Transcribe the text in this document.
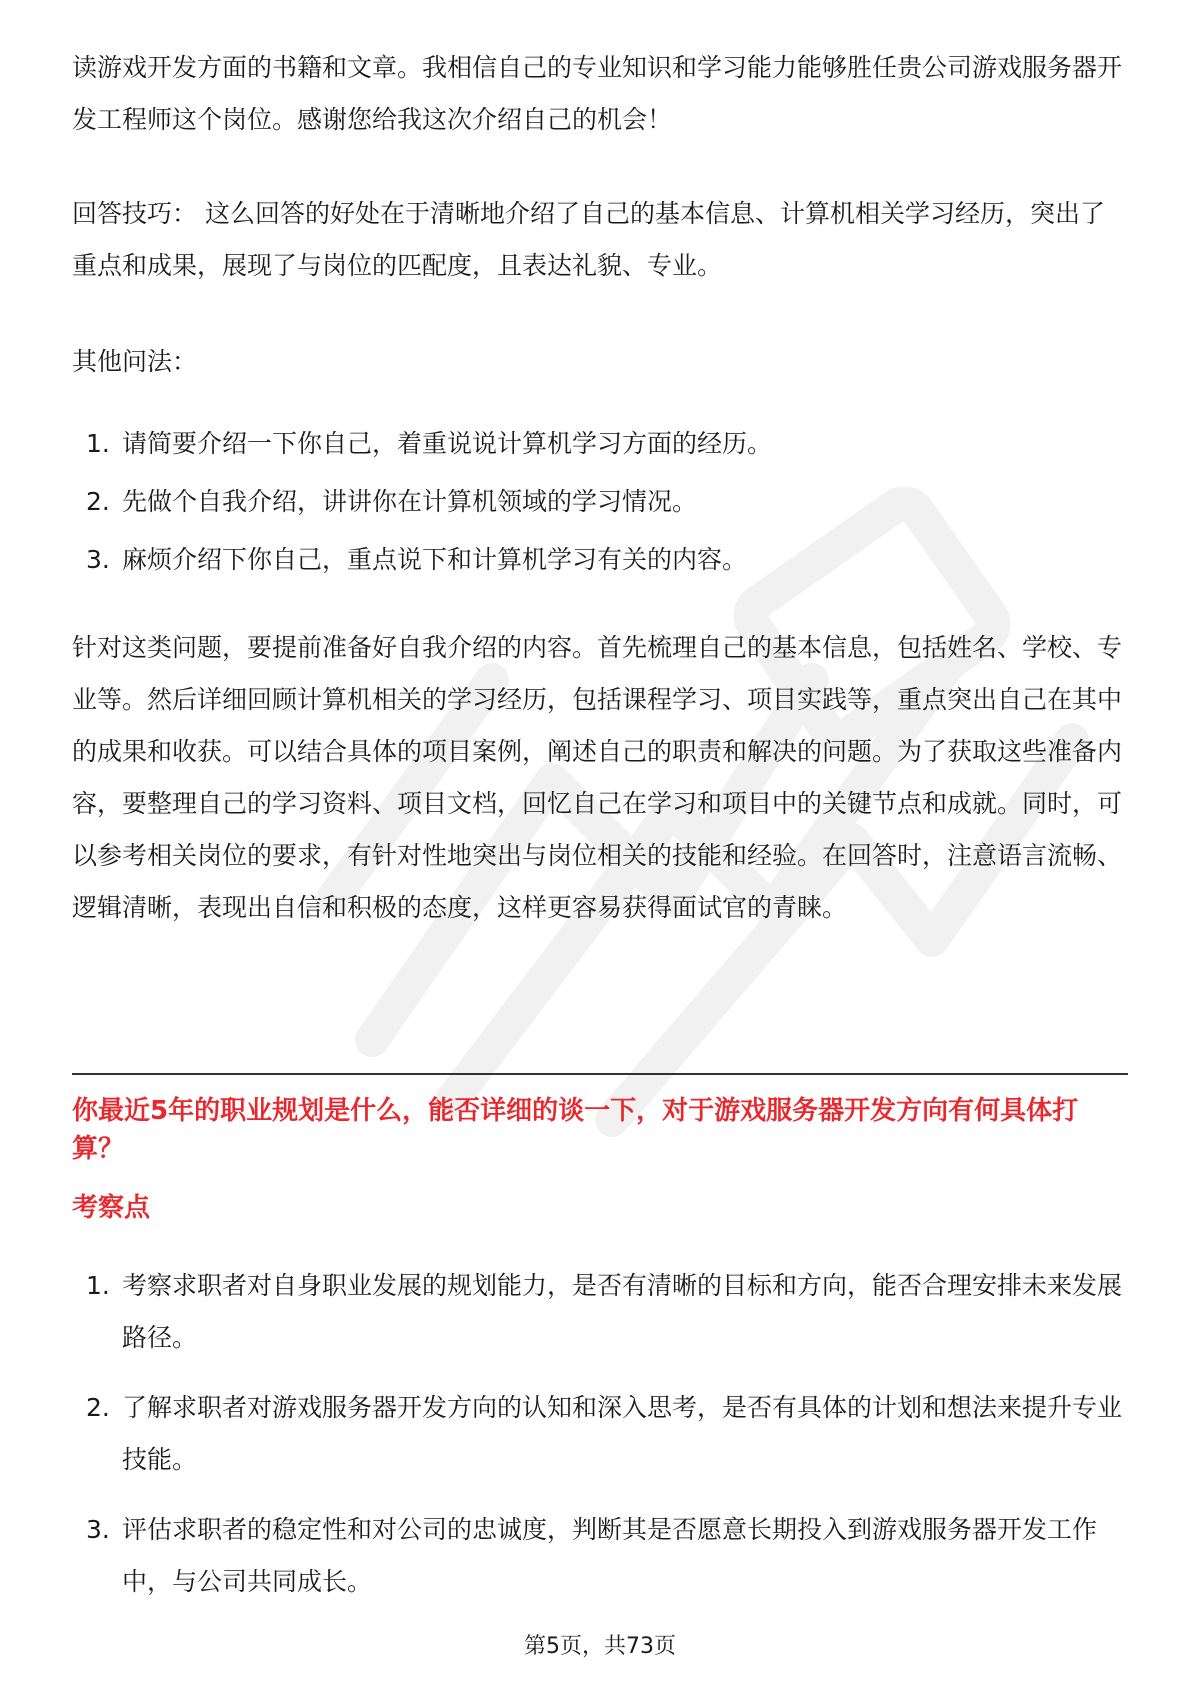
读游戏开发方面的书籍和文章。我相信自己的专业知识和学习能力能够胜任贵公司游戏服务器开发工程师这个岗位。感谢您给我这次介绍自己的机会！

回答技巧： 这么回答的好处在于清晰地介绍了自己的基本信息、计算机相关学习经历，突出了重点和成果，展现了与岗位的匹配度，且表达礼貌、专业。

其他问法：

1. 请简要介绍一下你自己，着重说说计算机学习方面的经历。
2. 先做个自我介绍，讲讲你在计算机领域的学习情况。
3. 麻烦介绍下你自己，重点说下和计算机学习有关的内容。

针对这类问题，要提前准备好自我介绍的内容。首先梳理自己的基本信息，包括姓名、学校、专业等。然后详细回顾计算机相关的学习经历，包括课程学习、项目实践等，重点突出自己在其中的成果和收获。可以结合具体的项目案例，阐述自己的职责和解决的问题。为了获取这些准备内容，要整理自己的学习资料、项目文档，回忆自己在学习和项目中的关键节点和成就。同时，可以参考相关岗位的要求，有针对性地突出与岗位相关的技能和经验。在回答时，注意语言流畅、逻辑清晰，表现出自信和积极的态度，这样更容易获得面试官的青睐。

你最近5年的职业规划是什么，能否详细的谈一下，对于游戏服务器开发方向有何具体打算？
考察点
1. 考察求职者对自身职业发展的规划能力，是否有清晰的目标和方向，能否合理安排未来发展路径。
2. 了解求职者对游戏服务器开发方向的认知和深入思考，是否有具体的计划和想法来提升专业技能。
3. 评估求职者的稳定性和对公司的忠诚度，判断其是否愿意长期投入到游戏服务器开发工作中，与公司共同成长。
第5页，共73页
